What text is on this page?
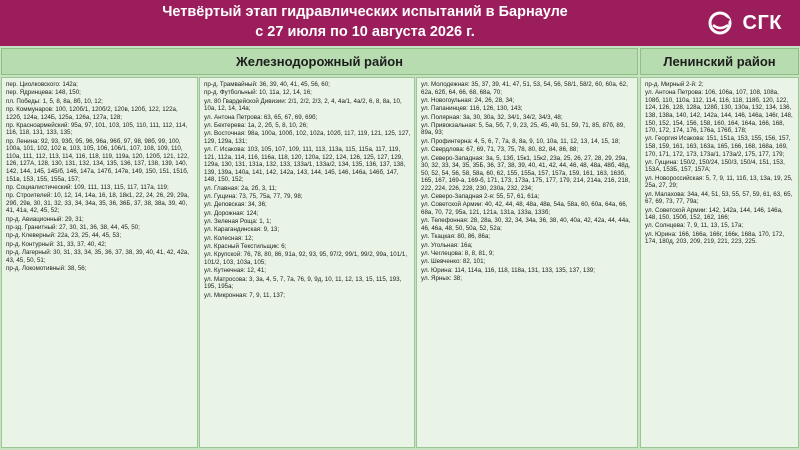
Четвёртый этап гидравлических испытаний в Барнауле
с 27 июля по 10 августа 2026 г.	СГК
Железнодорожный район	Ленинский район
пер. Циолковского: 142а;
пер. Ядринцева: 148, 150;
пл. Победы: 1, 5, 8, 8а, 8б, 10, 12;
пр. Коммунаров: 100, 120б/1, 120б/2, 120в, 120б, 122, 122а, 122б, 124а, 124Б, 125а, 126а, 127а, 128;
пр. Красноармейский: 95а, 97, 101, 103, 105, 110, 111, 112, 114, 116, 118, 131, 133, 135;
пр. Ленина: 92, 93, 93б, 95, 96, 96а, 96б, 97, 98, 98б, 99, 100, 100а, 101, 102, 102 в, 103, 105, 106, 106/1, 107, 108, 109, 110, 110а, 111, 112, 113, 114, 116, 118, 119, 119а, 120, 120б, 121, 122, 126, 127А, 128, 130, 131, 132, 134, 135, 136, 137, 138, 139, 140, 142, 144, 145, 145/б, 146, 147а, 147б, 147в, 149, 150, 151, 151б, 151в, 153, 155, 155а, 157;
пр. Социалистический: 109, 111, 113, 115, 117, 117а, 119;
пр. Строителей: 10, 12, 14, 14а, 16, 18, 18к1, 22, 24, 26, 29, 29а, 29б, 29в, 30, 31, 32, 33, 34, 34а, 35, 36, 36Б, 37, 38, 38а, 39, 40, 41, 41а, 42, 45, 52;
пр-д. Авиационный: 29, 31;
пр-зд. Гранитный: 27, 30, 31, 36, 38, 44, 45, 50;
пр-д. Клеверный: 22а, 23, 25, 44, 45, 53;
пр-д. Контурный: 31, 33, 37, 40, 42;
пр-д. Лагерный: 30, 31, 33, 34, 35, 36, 37, 38, 39, 40, 41, 42, 42а, 43, 45, 50, 51;
пр-д. Локомотивный: 38, 56;
пр-д. Трамвайный: 36, 39, 40, 41, 45, 56, 60;
пр-д. Футбольный: 10, 11а, 12, 14, 16;
ул. 80 Гвардейской Дивизии: 2/1, 2/2, 2/3, 2, 4, 4а/1, 4а/2, 6, 8, 8а, 10, 10а, 12, 14, 14а;
ул. Антона Петрова: 63, 65, 67, 69, 69б;
ул. Бехтерева: 1а, 2, 2б, 5, 8, 10, 26;
ул. Восточная: 98а, 100а, 100б, 102, 102а, 102б, 117, 119, 121, 125, 127, 129, 129а, 131;
ул. Г. Исакова: 103, 105, 107, 109, 111, 113, 113а, 115, 115а, 117, 119, 121, 112а, 114, 116, 116а, 118, 120, 120а, 122, 124, 126, 125, 127, 129, 129а, 130, 131, 131а, 132, 133, 133а/1, 133а/2, 134, 135, 136, 137, 138, 139, 139а, 140а, 141, 142, 142а, 143, 144, 145, 146, 146а, 146б, 147, 148, 150, 152;
ул. Главная: 2а, 2б, 3, 11;
ул. Гущина: 73, 75, 75а, 77, 79, 98;
ул. Деповская: 34, 36;
ул. Дорожная: 124;
ул. Зеленая Роща: 1, 1;
ул. Карагандинская: 9, 13;
ул. Колесная: 12;
ул. Красный Текстильщик: 6;
ул. Крупской: 76, 78, 80, 86, 91а, 92, 93, 95, 97/2, 99/1, 99/2, 99а, 101/1, 101/2, 103, 103а, 105;
ул. Кутнечная: 12, 41;
ул. Матросова: 3, 3а, 4, 5, 7, 7а, 76, 9, 9д, 10, 11, 12, 13, 15, 115, 193, 195, 195а;
ул. Микронная: 7, 9, 11, 137;
ул. Молодежная: 35, 37, 39, 41, 47, 51, 53, 54, 56, 58/1, 58/2, 60, 60а, 62, 62а, 62б, 64, 66, 68, 68а, 70;
ул. Новогоульная: 24, 26, 28, 34;
ул. Папанинцев: 116, 126, 130, 143;
ул. Полярная: 3а, 30, 30а, 32, 34/1, 34/2, 34/3, 48;
ул. Привокзальная: 5, 5а, 5б, 7, 9, 23, 25, 45, 49, 51, 59, 71, 85, 87б, 89, 89а, 93;
ул. Профинтерна: 4, 5, 6, 7, 7а, 8, 8а, 9, 10, 10а, 11, 12, 13, 14, 15, 18;
ул. Свердлова: 67, 69, 71, 73, 75, 78, 80, 82, 84, 86, 88;
ул. Северо-Западная: 3а, 5, 13б, 15к1, 15к2, 23а, 25, 26, 27, 28, 29, 29а, 30, 32, 33, 34, 35, 35Б, 36, 37, 38, 39, 40, 41, 42, 44, 46, 48, 48а, 48б, 48д, 50, 52, 54, 56, 58, 58а, 60, 62, 155, 155а, 157, 157а, 159, 161, 163, 163б, 165, 167, 169-а, 169-б, 171, 173, 173а, 175, 177, 179, 214, 214а, 216, 218, 222, 224, 226, 228, 230, 230а, 232, 234;
ул. Северо-Западная 2-я: 55, 57, 61, 61а;
ул. Советской Армии: 40, 42, 44, 48, 48а, 48в, 54а, 58а, 60, 60а, 64а, 66, 68а, 70, 72, 95а, 121, 121а, 131а, 133а, 133б;
ул. Телефонная: 28, 28а, 30, 32, 34, 34а, 36, 38, 40, 40а, 42, 42а, 44, 44а, 46, 46а, 48, 50, 50а, 52, 52а;
ул. Ткацкая: 80, 86, 86а;
ул. Угольная: 16а;
ул. Чеглецова: 8, 8, 81, 9;
ул. Шевченко: 82, 101;
ул. Юрина: 114, 114а, 116, 118, 118а, 131, 133, 135, 137, 139;
ул. Ярных: 38;
пр-д. Мирный 2-й: 2;
ул. Антона Петрова: 106, 106а, 107, 108, 108а, 108б, 110, 110а, 112, 114, 116, 118, 118б, 120, 122, 124, 126, 128, 128а, 128б, 130, 130а, 132, 134, 136, 138, 138а, 140, 142, 142а, 144, 146, 146а, 146г, 148, 150, 152, 154, 156, 158, 160, 164, 164а, 166, 168, 170, 172, 174, 176, 176а, 176б, 178;
ул. Георгия Исакова: 151, 151а, 153, 155, 156, 157, 158, 159, 161, 163, 163а, 165, 166, 168, 168а, 169, 170, 171, 172, 173, 173а/1, 173а/2, 175, 177, 179;
ул. Гущина: 150/2, 150/24, 150/3, 150/4, 151, 153, 153А, 153Б, 157, 157А;
ул. Новороссийская: 5, 7, 9, 11, 11б, 13, 13а, 19, 25, 25а, 27, 29;
ул. Малахова: 34а, 44, 51, 53, 55, 57, 59, 61, 63, 65, 67, 69, 73, 77, 79а;
ул. Советской Армии: 142, 142а, 144, 146, 146а, 148, 150, 150б, 152, 162, 166;
ул. Солнцева: 7, 9, 11, 13, 15, 17а;
ул. Юрина: 166, 166а, 166г, 166к, 168а, 170, 172, 174, 180д, 203, 209, 219, 221, 223, 225.
